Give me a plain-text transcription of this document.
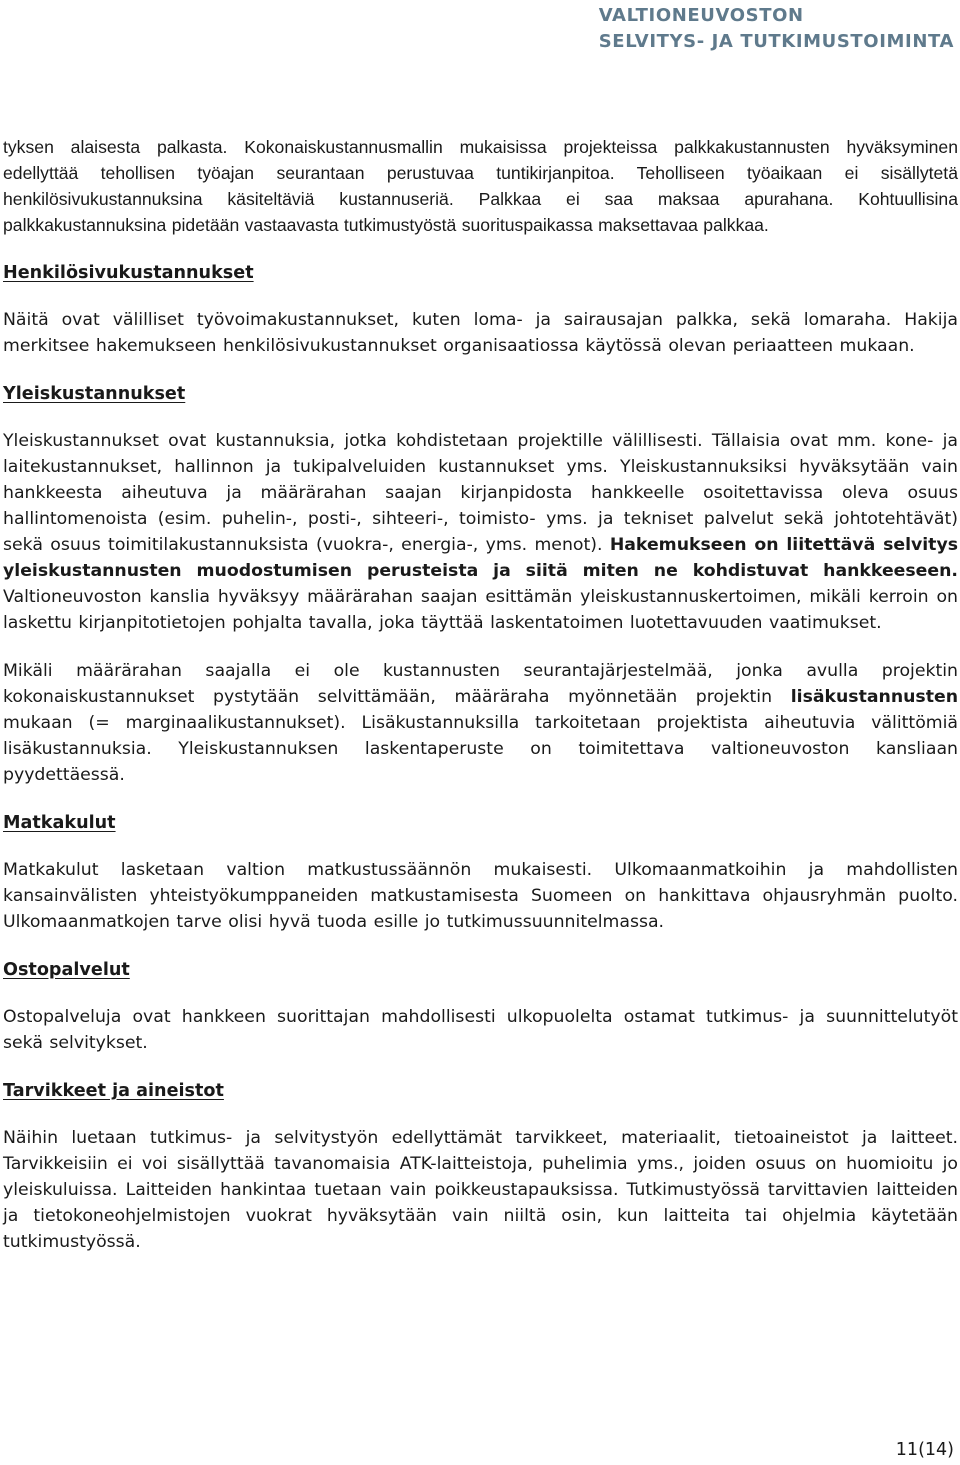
VALTIONEUVOSTON
SELVITYS- JA TUTKIMUSTOIMINTA

tyksen alaisesta palkasta. Kokonaiskustannusmallin mukaisissa projekteissa palkkakustannusten hyväksyminen edellyttää tehollisen työajan seurantaan perustuvaa tuntikirjanpitoa. Teholliseen työaikaan ei sisällytetä henkilösivukustannuksina käsiteltäviä kustannuseriä. Palkkaa ei saa maksaa apurahana. Kohtuullisina palkkakustannuksina pidetään vastaavasta tutkimustyöstä suorituspaikassa maksettavaa palkkaa.

Henkilösivukustannukset

Näitä ovat välilliset työvoimakustannukset, kuten loma- ja sairausajan palkka, sekä lomaraha. Hakija merkitsee hakemukseen henkilösivukustannukset organisaatiossa käytössä olevan periaatteen mukaan.

Yleiskustannukset

Yleiskustannukset ovat kustannuksia, jotka kohdistetaan projektille välillisesti. Tällaisia ovat mm. kone- ja laitekustannukset, hallinnon ja tukipalveluiden kustannukset yms. Yleiskustannuksiksi hyväksytään vain hankkeesta aiheutuva ja määrärahan saajan kirjanpidosta hankkeelle osoitettavissa oleva osuus hallintomenoista (esim. puhelin-, posti-, sihteeri-, toimisto- yms. ja tekniset palvelut sekä johtotehtävät) sekä osuus toimitilakustannuksista (vuokra-, energia-, yms. menot). Hakemukseen on liitettävä selvitys yleiskustannusten muodostumisen perusteista ja siitä miten ne kohdistuvat hankkeeseen. Valtioneuvoston kanslia hyväksyy määrärahan saajan esittämän yleiskustannuskertoimen, mikäli kerroin on laskettu kirjanpitotietojen pohjalta tavalla, joka täyttää laskentatoimen luotettavuuden vaatimukset.

Mikäli määrärahan saajalla ei ole kustannusten seurantajärjestelmää, jonka avulla projektin kokonaiskustannukset pystytään selvittämään, määräraha myönnetään projektin lisäkustannusten mukaan (= marginaalikustannukset). Lisäkustannuksilla tarkoitetaan projektista aiheutuvia välittömiä lisäkustannuksia. Yleiskustannuksen laskentaperuste on toimitettava valtioneuvoston kansliaan pyydettäessä.

Matkakulut

Matkakulut lasketaan valtion matkustussäännön mukaisesti. Ulkomaanmatkoihin ja mahdollisten kansainvälisten yhteistyökumppaneiden matkustamisesta Suomeen on hankittava ohjausryhmän puolto. Ulkomaanmatkojen tarve olisi hyvä tuoda esille jo tutkimussuunnitelmassa.

Ostopalvelut

Ostopalveluja ovat hankkeen suorittajan mahdollisesti ulkopuolelta ostamat tutkimus- ja suunnittelutyöt sekä selvitykset.

Tarvikkeet ja aineistot

Näihin luetaan tutkimus- ja selvitystyön edellyttämät tarvikkeet, materiaalit, tietoaineistot ja laitteet. Tarvikkeisiin ei voi sisällyttää tavanomaisia ATK-laitteistoja, puhelimia yms., joiden osuus on huomioitu jo yleiskuluissa. Laitteiden hankintaa tuetaan vain poikkeustapauksissa. Tutkimustyössä tarvittavien laitteiden ja tietokoneohjelmistojen vuokrat hyväksytään vain niiltä osin, kun laitteita tai ohjelmia käytetään tutkimustyössä.

11(14)
